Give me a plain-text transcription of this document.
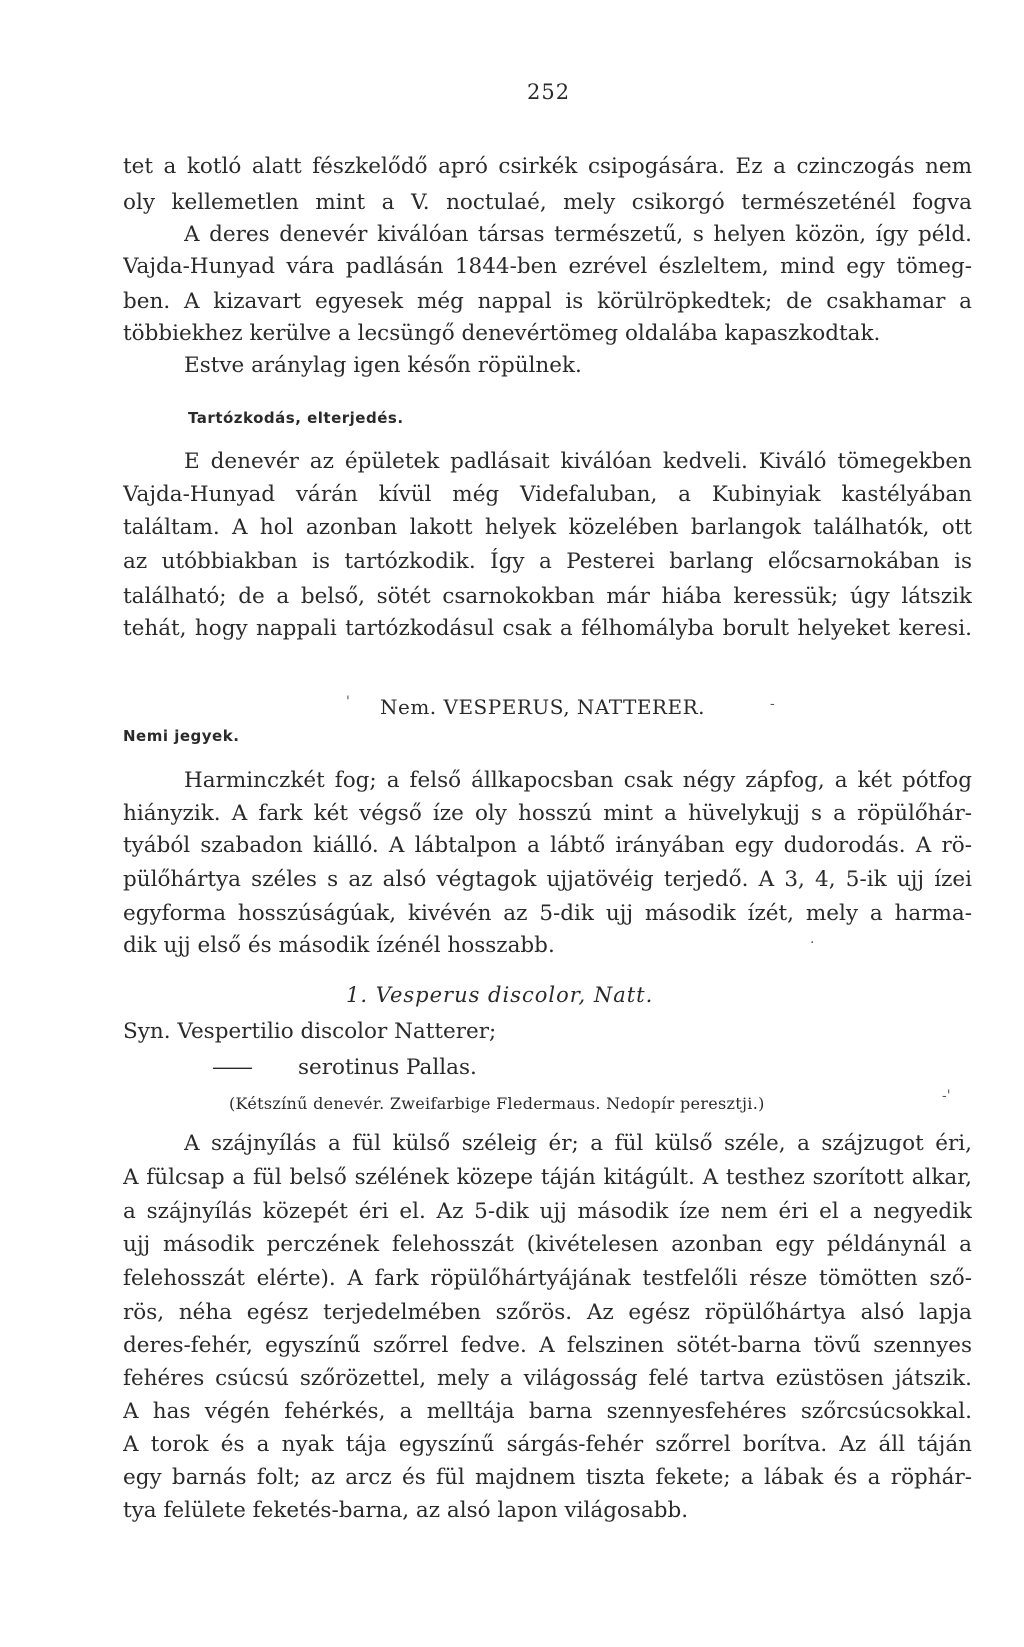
252
tet a kotló alatt fészkelődő apró csirkék csipogására. Ez a czinczogás nem
oly kellemetlen mint a V. noctulaé, mely csikorgó természeténél fogva
A deres denevér kiválóan társas természetű, s helyen közön, így péld.
Vajda-Hunyad vára padlásán 1844-ben ezrével észleltem, mind egy tömeg-
ben. A kizavart egyesek még nappal is körülröpkedtek; de csakhamar a
többiekhez kerülve a lecsüngő denevértömeg oldalába kapaszkodtak.
Estve aránylag igen későn röpülnek.
Tartózkodás, elterjedés.
E denevér az épületek padlásait kiválóan kedveli. Kiváló tömegekben
Vajda-Hunyad várán kívül még Videfaluban, a Kubinyiak kastélyában
találtam. A hol azonban lakott helyek közelében barlangok találhatók, ott
az utóbbiakban is tartózkodik. Így a Pesterei barlang előcsarnokában is
található; de a belső, sötét csarnokokban már hiába keressük; úgy látszik
tehát, hogy nappali tartózkodásul csak a félhomályba borult helyeket keresi.
Nem. VESPERUS, NATTERER.
Nemi jegyek.
Harminczkét fog; a felső állkapocsban csak négy zápfog, a két pótfog
hiányzik. A fark két végső íze oly hosszú mint a hüvelykujj s a röpülőhár-
tyából szabadon kiálló. A lábtalpon a lábtő irányában egy dudorodás. A rö-
pülőhártya széles s az alsó végtagok ujjatövéig terjedő. A 3, 4, 5-ik ujj ízei
egyforma hosszúságúak, kivévén az 5-dik ujj második ízét, mely a harma-
dik ujj első és második ízénél hosszabb.
1. Vesperus discolor, Natt.
Syn. Vespertilio discolor Natterer;
——serotinus Pallas.
(Kétszínű denevér. Zweifarbige Fledermaus. Nedopír peresztji.)
A szájnyílás a fül külső széleig ér; a fül külső széle, a szájzugot éri,
A fülcsap a fül belső szélének közepe táján kitágúlt. A testhez szorított alkar,
a szájnyílás közepét éri el. Az 5-dik ujj második íze nem éri el a negyedik
ujj második perczének felehosszát (kivételesen azonban egy példánynál a
felehosszát elérte). A fark röpülőhártyájának testfelőli része tömötten sző-
rös, néha egész terjedelmében szőrös. Az egész röpülőhártya alsó lapja
deres-fehér, egyszínű szőrrel fedve. A felszinen sötét-barna tövű szennyes
fehéres csúcsú szőrözettel, mely a világosság felé tartva ezüstösen játszik.
A has végén fehérkés, a melltája barna szennyesfehéres szőrcsúcsokkal.
A torok és a nyak tája egyszínű sárgás-fehér szőrrel borítva. Az áll táján
egy barnás folt; az arcz és fül majdnem tiszta fekete; a lábak és a röphár-
tya felülete feketés-barna, az alsó lapon világosabb.
'	-
·
-'
